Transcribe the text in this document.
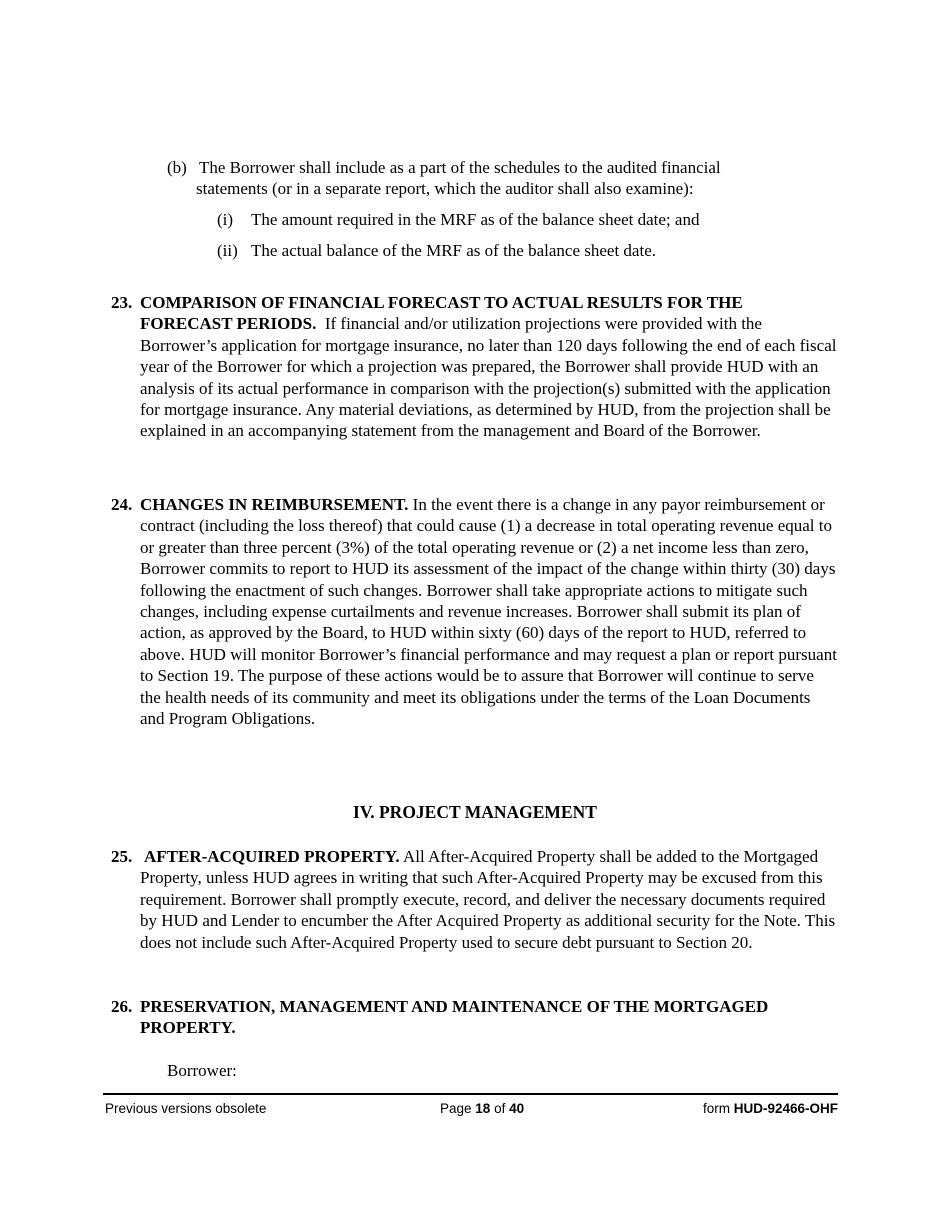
(b) The Borrower shall include as a part of the schedules to the audited financial statements (or in a separate report, which the auditor shall also examine):
(i) The amount required in the MRF as of the balance sheet date; and
(ii) The actual balance of the MRF as of the balance sheet date.
23. COMPARISON OF FINANCIAL FORECAST TO ACTUAL RESULTS FOR THE FORECAST PERIODS. If financial and/or utilization projections were provided with the Borrower’s application for mortgage insurance, no later than 120 days following the end of each fiscal year of the Borrower for which a projection was prepared, the Borrower shall provide HUD with an analysis of its actual performance in comparison with the projection(s) submitted with the application for mortgage insurance. Any material deviations, as determined by HUD, from the projection shall be explained in an accompanying statement from the management and Board of the Borrower.
24. CHANGES IN REIMBURSEMENT. In the event there is a change in any payor reimbursement or contract (including the loss thereof) that could cause (1) a decrease in total operating revenue equal to or greater than three percent (3%) of the total operating revenue or (2) a net income less than zero, Borrower commits to report to HUD its assessment of the impact of the change within thirty (30) days following the enactment of such changes. Borrower shall take appropriate actions to mitigate such changes, including expense curtailments and revenue increases. Borrower shall submit its plan of action, as approved by the Board, to HUD within sixty (60) days of the report to HUD, referred to above. HUD will monitor Borrower’s financial performance and may request a plan or report pursuant to Section 19. The purpose of these actions would be to assure that Borrower will continue to serve the health needs of its community and meet its obligations under the terms of the Loan Documents and Program Obligations.
IV. PROJECT MANAGEMENT
25. AFTER-ACQUIRED PROPERTY. All After-Acquired Property shall be added to the Mortgaged Property, unless HUD agrees in writing that such After-Acquired Property may be excused from this requirement. Borrower shall promptly execute, record, and deliver the necessary documents required by HUD and Lender to encumber the After Acquired Property as additional security for the Note. This does not include such After-Acquired Property used to secure debt pursuant to Section 20.
26. PRESERVATION, MANAGEMENT AND MAINTENANCE OF THE MORTGAGED PROPERTY.
Borrower:
Previous versions obsolete	Page 18 of 40	form HUD-92466-OHF
